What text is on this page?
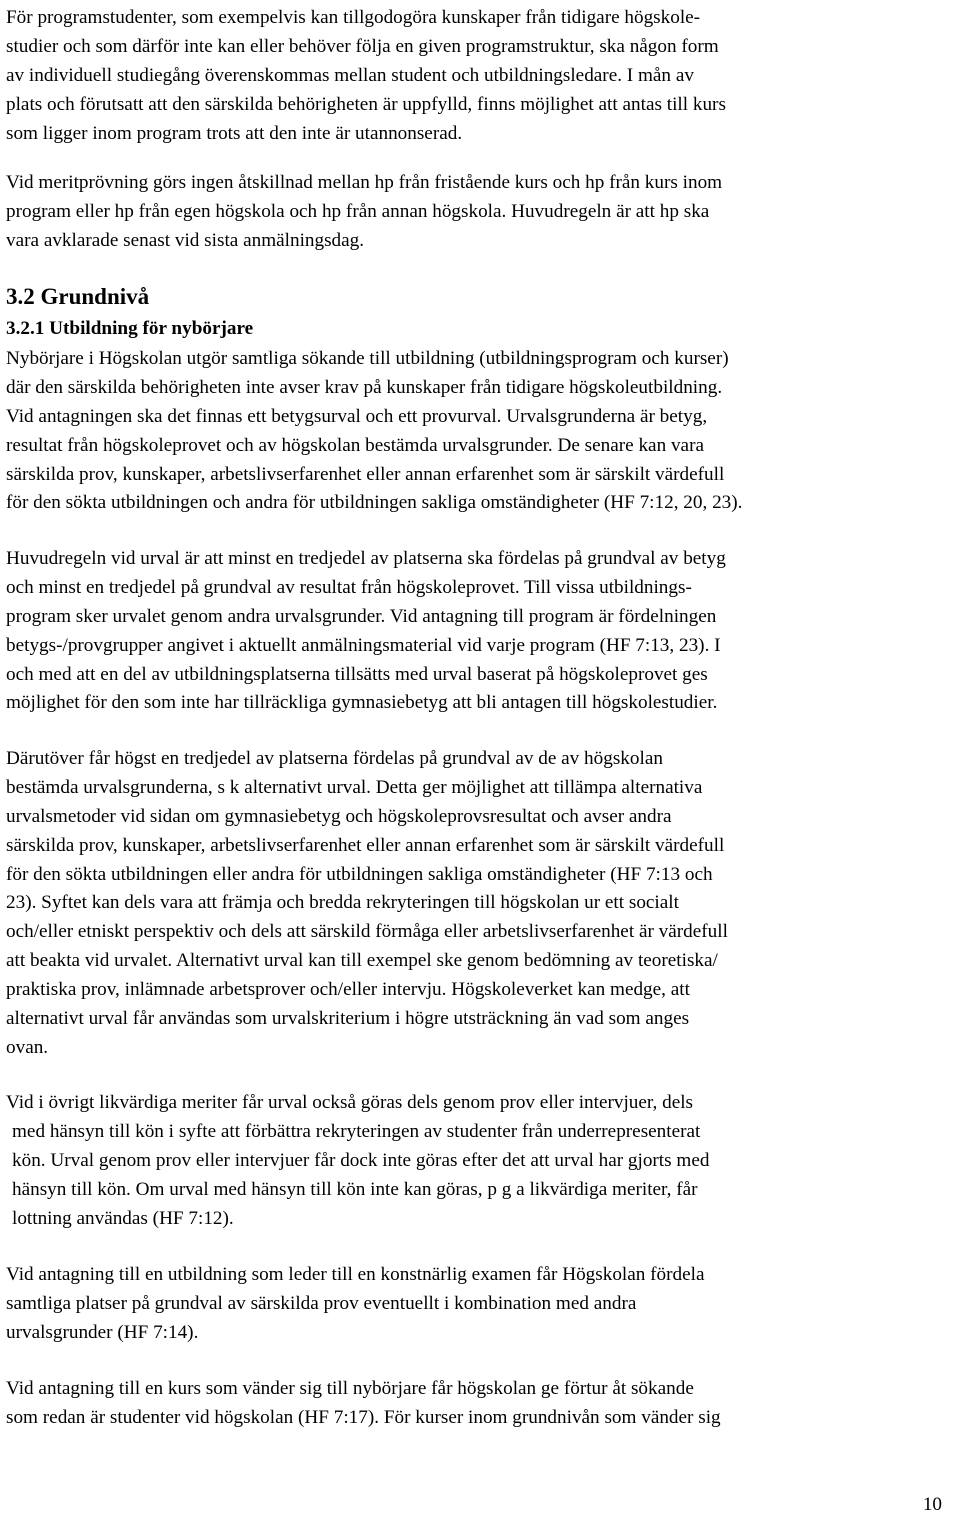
För programstudenter, som exempelvis kan tillgodogöra kunskaper från tidigare högskole-
studier och som därför inte kan eller behöver följa en given programstruktur, ska någon form
av individuell studiegång överenskommas mellan student och utbildningsledare. I mån av
plats och förutsatt att den särskilda behörigheten är uppfylld, finns möjlighet att antas till kurs
som ligger inom program trots att den inte är utannonserad.
Vid meritprövning görs ingen åtskillnad mellan hp från fristående kurs och hp från kurs inom
program eller hp från egen högskola och hp från annan högskola. Huvudregeln är att hp ska
vara avklarade senast vid sista anmälningsdag.
3.2 Grundnivå
3.2.1 Utbildning för nybörjare
Nybörjare i Högskolan utgör samtliga sökande till utbildning (utbildningsprogram och kurser)
där den särskilda behörigheten inte avser krav på kunskaper från tidigare högskoleutbildning.
Vid antagningen ska det finnas ett betygsurval och ett provurval. Urvalsgrunderna är betyg,
resultat från högskoleprovet och av högskolan bestämda urvalsgrunder. De senare kan vara
särskilda prov, kunskaper, arbetslivserfarenhet eller annan erfarenhet som är särskilt värdefull
för den sökta utbildningen och andra för utbildningen sakliga omständigheter (HF 7:12, 20, 23).
Huvudregeln vid urval är att minst en tredjedel av platserna ska fördelas på grundval av betyg
och minst en tredjedel på grundval av resultat från högskoleprovet. Till vissa utbildnings-
program sker urvalet genom andra urvalsgrunder. Vid antagning till program är fördelningen
betygs-/provgrupper angivet i aktuellt anmälningsmaterial vid varje program (HF 7:13, 23). I
och med att en del av utbildningsplatserna tillsätts med urval baserat på högskoleprovet ges
möjlighet för den som inte har tillräckliga gymnasiebetyg att bli antagen till högskolestudier.
Därutöver får högst en tredjedel av platserna fördelas på grundval av de av högskolan
bestämda urvalsgrunderna, s k alternativt urval. Detta ger möjlighet att tillämpa alternativa
urvalsmetoder vid sidan om gymnasiebetyg och högskoleprovsresultat och avser andra
särskilda prov, kunskaper, arbetslivserfarenhet eller annan erfarenhet som är särskilt värdefull
för den sökta utbildningen eller andra för utbildningen sakliga omständigheter (HF 7:13 och
23). Syftet kan dels vara att främja och bredda rekryteringen till högskolan ur ett socialt
och/eller etniskt perspektiv och dels att särskild förmåga eller arbetslivserfarenhet är värdefull
att beakta vid urvalet. Alternativt urval kan till exempel ske genom bedömning av teoretiska/
praktiska prov, inlämnade arbetsprover och/eller intervju. Högskoleverket kan medge, att
alternativt urval får användas som urvalskriterium i högre utsträckning än vad som anges
ovan.
Vid i övrigt likvärdiga meriter får urval också göras dels genom prov eller intervjuer, dels
med hänsyn till kön i syfte att förbättra rekryteringen av studenter från underrepresenterat
kön. Urval genom prov eller intervjuer får dock inte göras efter det att urval har gjorts med
hänsyn till kön. Om urval med hänsyn till kön inte kan göras, p g a likvärdiga meriter, får
lottning användas (HF 7:12).
Vid antagning till en utbildning som leder till en konstnärlig examen får Högskolan fördela
samtliga platser på grundval av särskilda prov eventuellt i kombination med andra
urvalsgrunder (HF 7:14).
Vid antagning till en kurs som vänder sig till nybörjare får högskolan ge förtur åt sökande
som redan är studenter vid högskolan (HF 7:17). För kurser inom grundnivån som vänder sig
10
